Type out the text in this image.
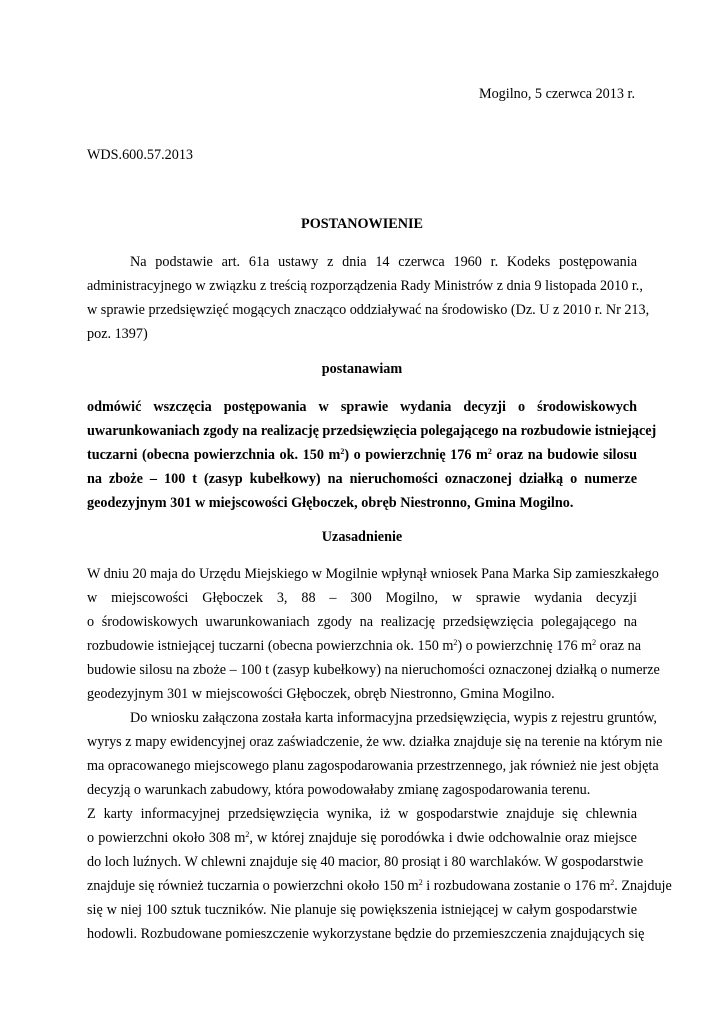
Mogilno, 5 czerwca 2013 r.
WDS.600.57.2013
POSTANOWIENIE
Na podstawie art. 61a ustawy z dnia 14 czerwca 1960 r. Kodeks postępowania
administracyjnego w związku z treścią rozporządzenia Rady Ministrów z dnia 9 listopada 2010 r.,
w sprawie przedsięwzięć mogących znacząco oddziaływać na środowisko (Dz. U z 2010 r. Nr 213,
poz. 1397)
postanawiam
odmówić wszczęcia postępowania w sprawie wydania decyzji o środowiskowych
uwarunkowaniach zgody na realizację przedsięwzięcia polegającego na rozbudowie istniejącej
tuczarni (obecna powierzchnia ok. 150 $m^2$) o powierzchnię 176 $m^2$ oraz na budowie silosu
na zboże – 100 t (zasyp kubełkowy) na nieruchomości oznaczonej działką o numerze
geodezyjnym 301 w miejscowości Głęboczek, obręb Niestronno, Gmina Mogilno.
Uzasadnienie
W dniu 20 maja do Urzędu Miejskiego w Mogilnie wpłynął wniosek Pana Marka Sip zamieszkałego
w miejscowości Głęboczek 3, 88 – 300 Mogilno, w sprawie wydania decyzji
o środowiskowych uwarunkowaniach zgody na realizację przedsięwzięcia polegającego na
rozbudowie istniejącej tuczarni (obecna powierzchnia ok. 150 $m^2$) o powierzchnię 176 $m^2$ oraz na
budowie silosu na zboże – 100 t (zasyp kubełkowy) na nieruchomości oznaczonej działką o numerze
geodezyjnym 301 w miejscowości Głęboczek, obręb Niestronno, Gmina Mogilno.
Do wniosku załączona została karta informacyjna przedsięwzięcia, wypis z rejestru gruntów,
wyrys z mapy ewidencyjnej oraz zaświadczenie, że ww. działka znajduje się na terenie na którym nie
ma opracowanego miejscowego planu zagospodarowania przestrzennego, jak również nie jest objęta
decyzją o warunkach zabudowy, która powodowałaby zmianę zagospodarowania terenu.
Z karty informacyjnej przedsięwzięcia wynika, iż w gospodarstwie znajduje się chlewnia
o powierzchni około 308 $m^2$, w której znajduje się porodówka i dwie odchowalnie oraz miejsce
do loch luźnych. W chlewni znajduje się 40 macior, 80 prosiąt i 80 warchlaków. W gospodarstwie
znajduje się również tuczarnia o powierzchni około 150 $m^2$ i rozbudowana zostanie o 176 $m^2$. Znajduje
się w niej 100 sztuk tuczników. Nie planuje się powiększenia istniejącej w całym gospodarstwie
hodowli. Rozbudowane pomieszczenie wykorzystane będzie do przemieszczenia znajdujących się
